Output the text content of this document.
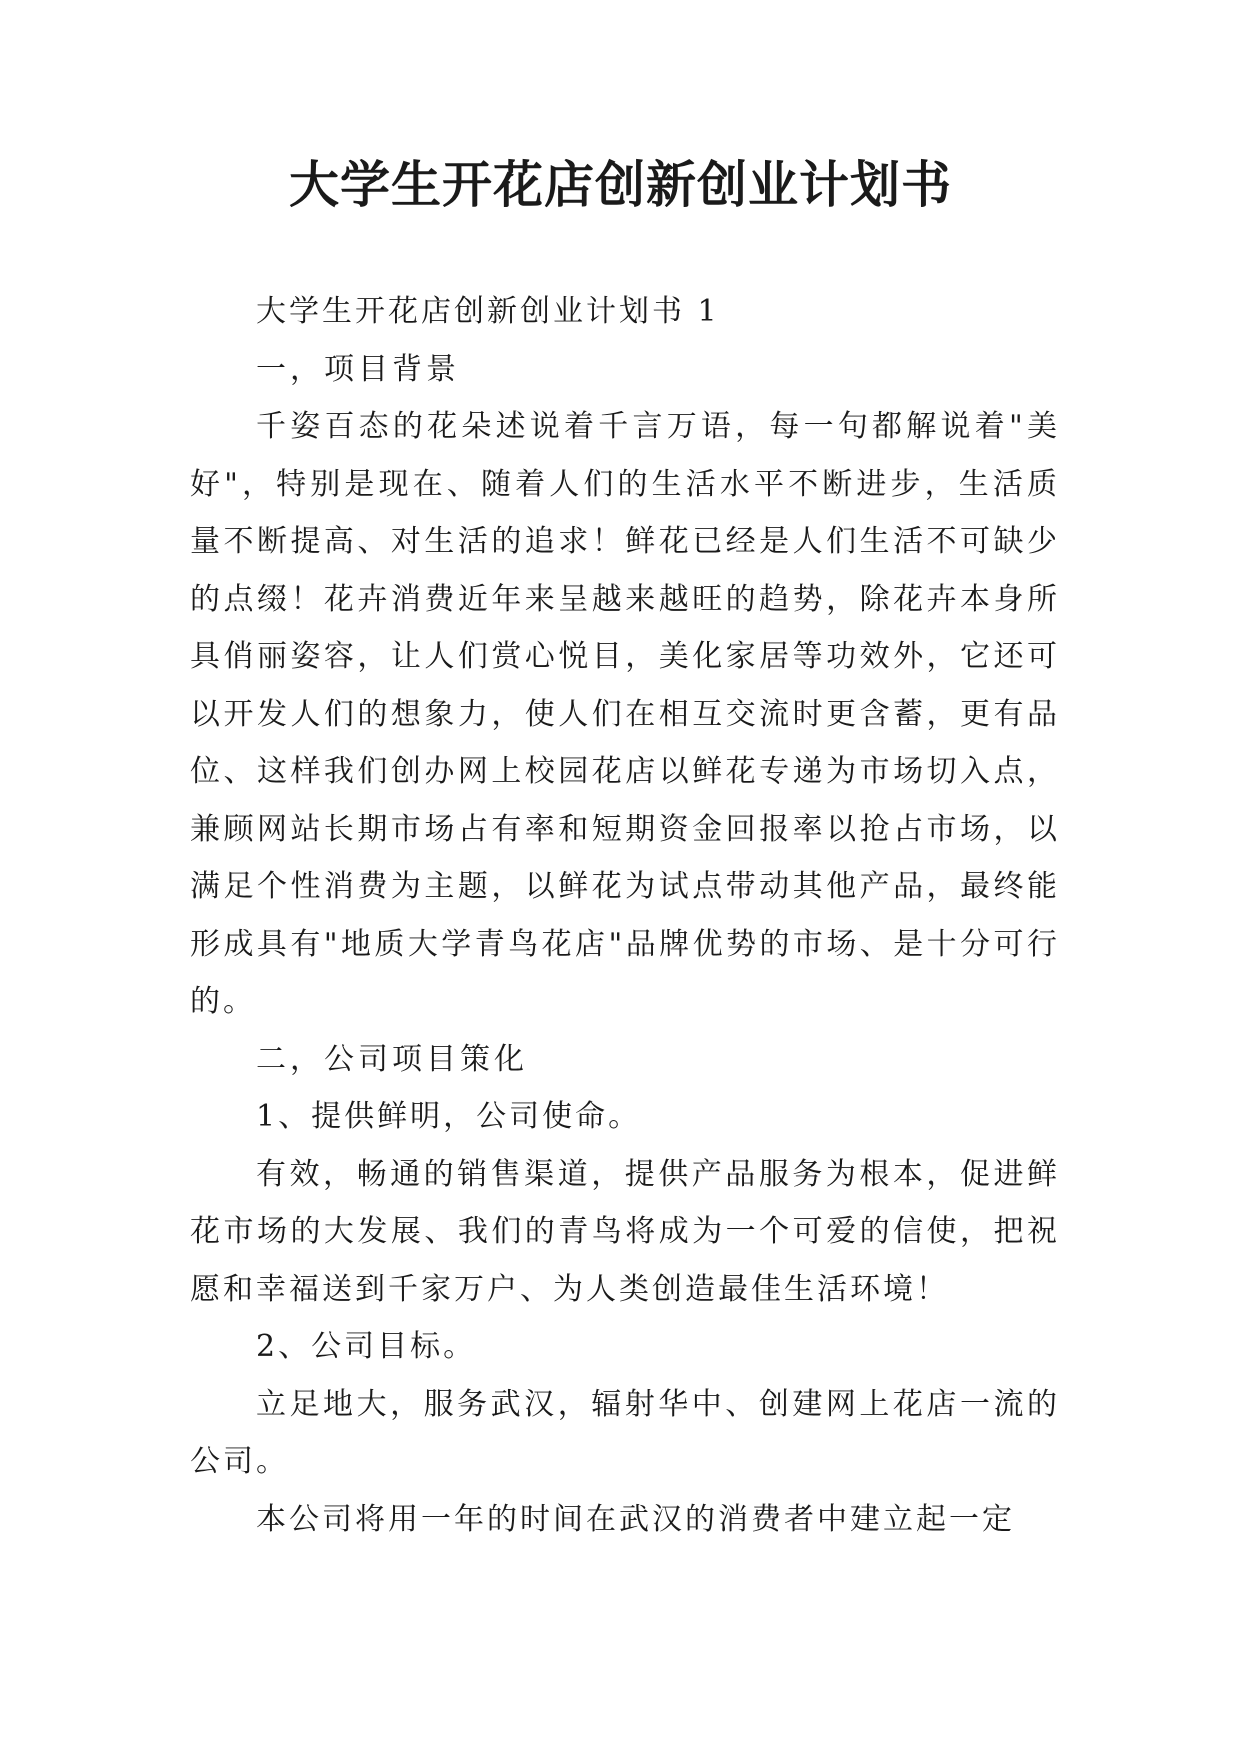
大学生开花店创新创业计划书

大学生开花店创新创业计划书 1

一，项目背景

千姿百态的花朵述说着千言万语，每一句都解说着"美好"，特别是现在、随着人们的生活水平不断进步，生活质量不断提高、对生活的追求！鲜花已经是人们生活不可缺少的点缀！花卉消费近年来呈越来越旺的趋势，除花卉本身所具俏丽姿容，让人们赏心悦目，美化家居等功效外，它还可以开发人们的想象力，使人们在相互交流时更含蓄，更有品位、这样我们创办网上校园花店以鲜花专递为市场切入点，兼顾网站长期市场占有率和短期资金回报率以抢占市场，以满足个性消费为主题，以鲜花为试点带动其他产品，最终能形成具有"地质大学青鸟花店"品牌优势的市场、是十分可行的。

二，公司项目策化

1、提供鲜明，公司使命。

有效，畅通的销售渠道，提供产品服务为根本，促进鲜花市场的大发展、我们的青鸟将成为一个可爱的信使，把祝愿和幸福送到千家万户、为人类创造最佳生活环境！

2、公司目标。

立足地大，服务武汉，辐射华中、创建网上花店一流的公司。

本公司将用一年的时间在武汉的消费者中建立起一定
